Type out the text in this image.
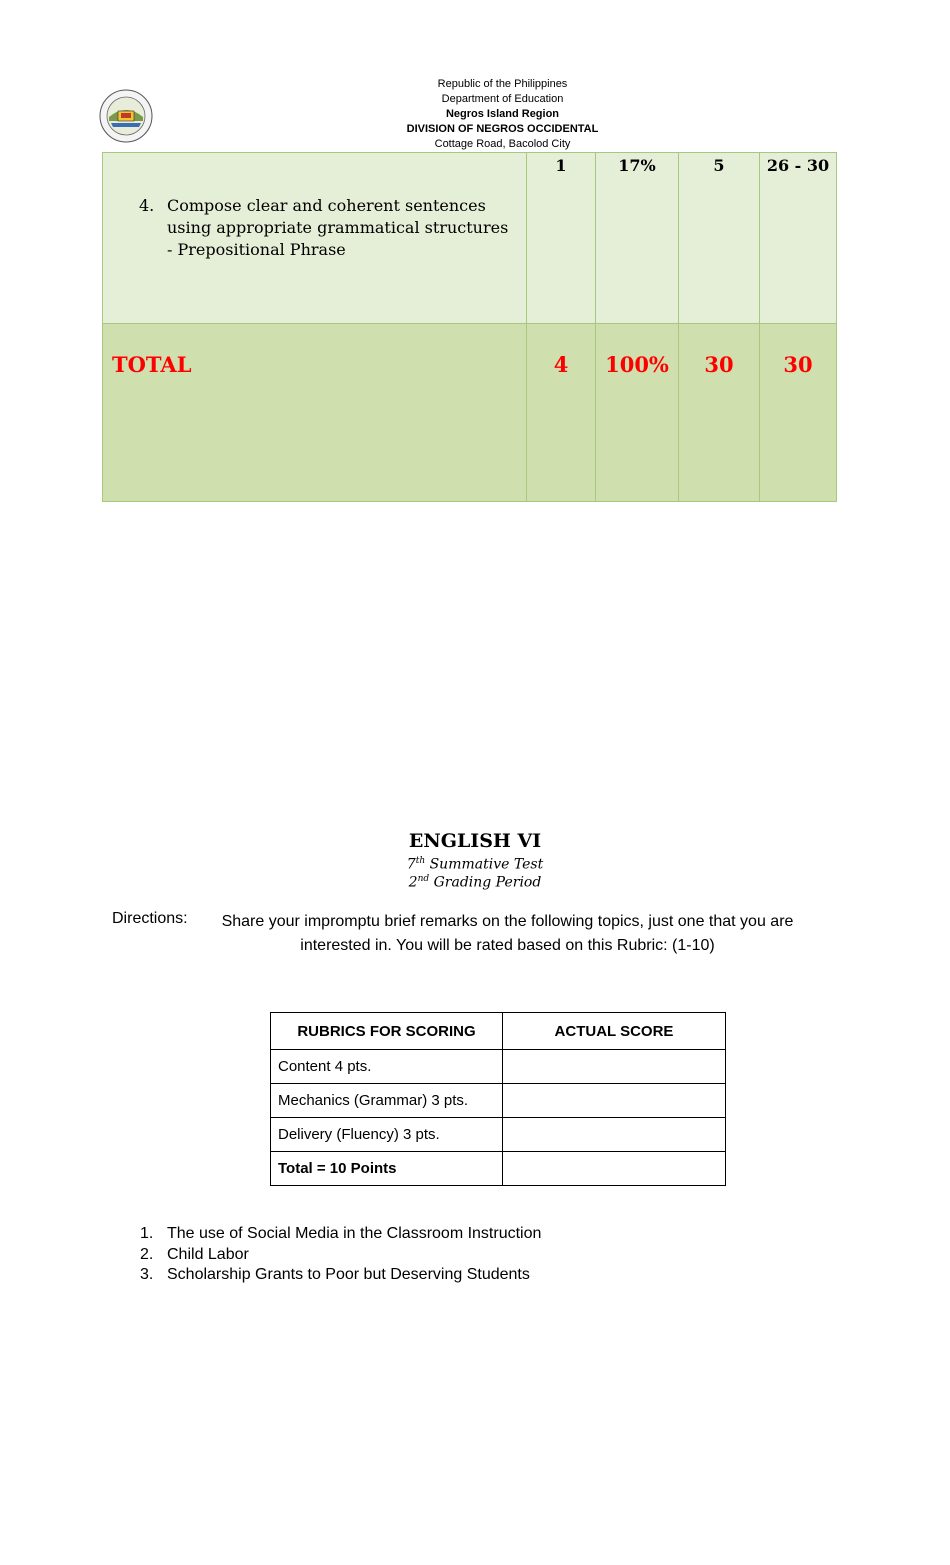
Republic of the Philippines
Department of Education
Negros Island Region
DIVISION OF NEGROS OCCIDENTAL
Cottage Road, Bacolod City
4. Compose clear and coherent sentences using appropriate grammatical structures - Prepositional Phrase	1	17%	5	26 - 30
TOTAL	4	100%	30	30
ENGLISH VI
7th Summative Test
2nd Grading Period
Directions:	Share your impromptu brief remarks on the following topics, just one that you are interested in. You will be rated based on this Rubric: (1-10)
RUBRICS FOR SCORING	ACTUAL SCORE
Content 4 pts.	
Mechanics (Grammar) 3 pts.	
Delivery (Fluency) 3 pts.	
Total = 10 Points	
1. The use of Social Media in the Classroom Instruction
2. Child Labor
3. Scholarship Grants to Poor but Deserving Students
